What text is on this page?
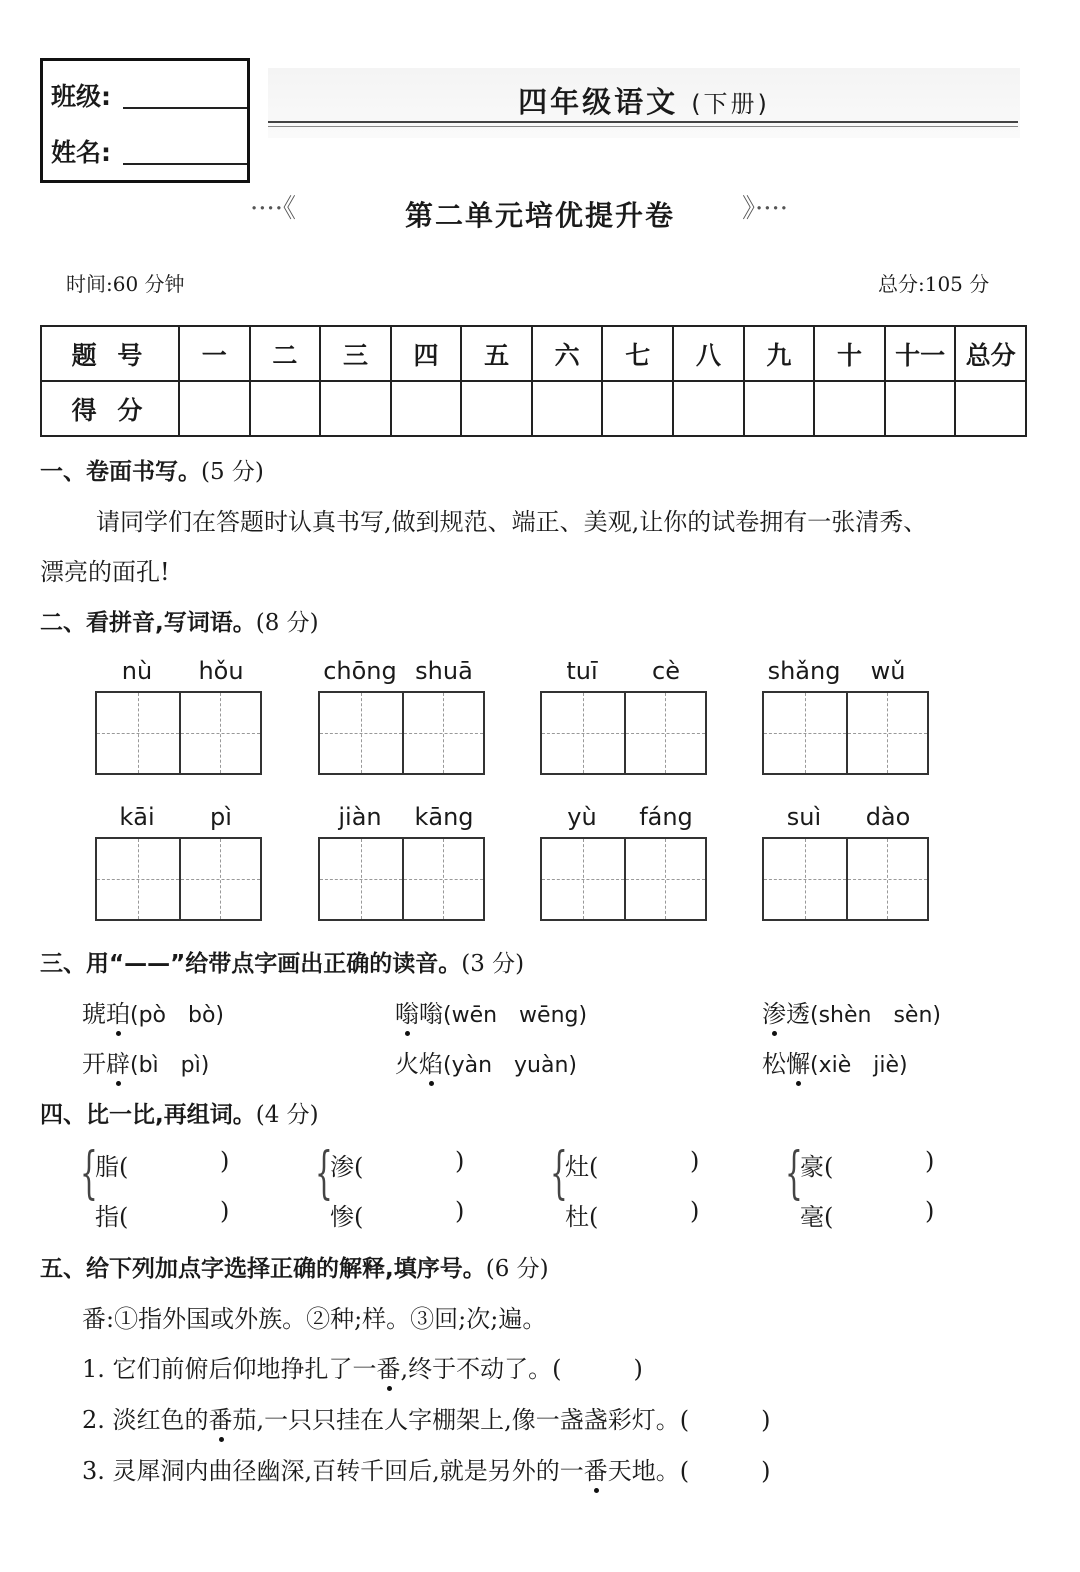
班级:
姓名:
四年级语文 (下册)
····《	第二单元培优提升卷	》····
时间:60 分钟	总分:105 分
题 号	一	二	三	四	五	六	七	八	九	十	十一	总分
得 分												
一、卷面书写。(5 分)
请同学们在答题时认真书写,做到规范、端正、美观,让你的试卷拥有一张清秀、
漂亮的面孔!
二、看拼音,写词语。(8 分)
nù	hǒu	chōng shuā	tuī	cè	shǎng	wǔ
kāi	pì	jiàn	kāng	yù	fáng	suì	dào
三、用“——”给带点字画出正确的读音。(3 分)
琥珀(pò　bò)	嗡嗡(wēn　wēng)	渗透(shèn　sèn)
开辟(bì　pì)	火焰(yàn　yuàn)	松懈(xiè　jiè)
四、比一比,再组词。(4 分)
{
脂(	)
指(	)
{
渗(	)
惨(	)
{
灶(	)
杜(	)
{
豪(	)
毫(	)
五、给下列加点字选择正确的解释,填序号。(6 分)
番:①指外国或外族。②种;样。③回;次;遍。
1. 它们前俯后仰地挣扎了一番,终于不动了。(　　　)
2. 淡红色的番茄,一只只挂在人字棚架上,像一盏盏彩灯。(　　　)
3. 灵犀洞内曲径幽深,百转千回后,就是另外的一番天地。(　　　)
